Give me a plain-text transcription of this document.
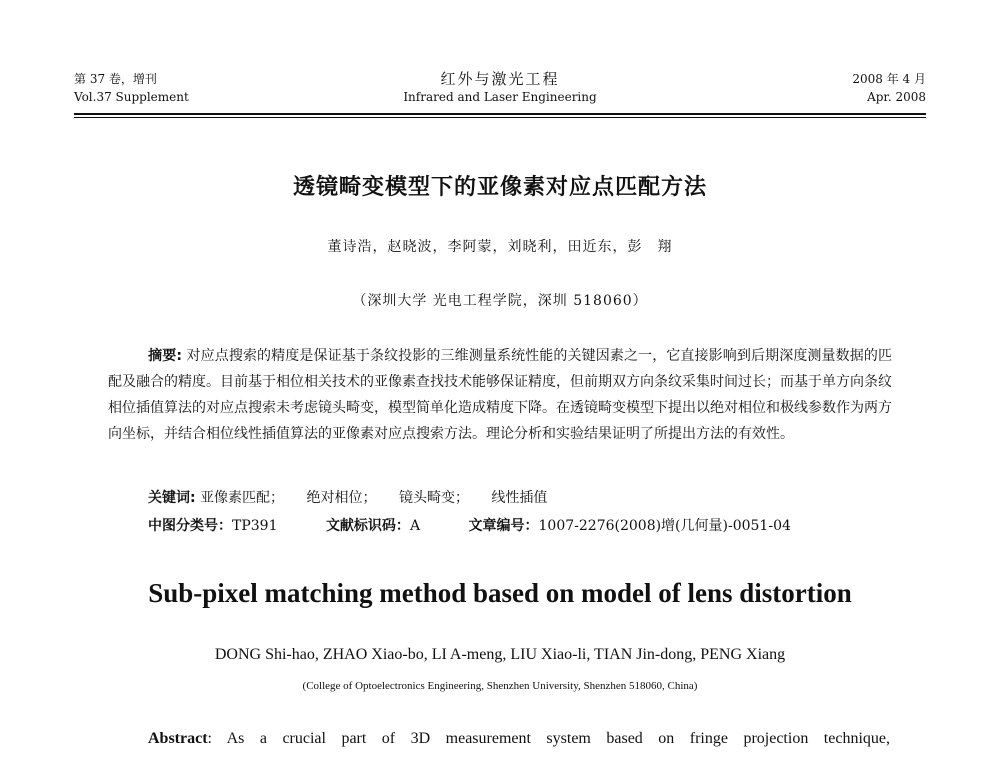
第 37 卷，增刊
Vol.37 Supplement
红外与激光工程
Infrared and Laser Engineering
2008 年 4 月
Apr. 2008
透镜畸变模型下的亚像素对应点匹配方法
董诗浩，赵晓波，李阿蒙，刘晓利，田近东，彭　翔
（深圳大学 光电工程学院，深圳 518060）
摘要: 对应点搜索的精度是保证基于条纹投影的三维测量系统性能的关键因素之一，它直接影响到后期深度测量数据的匹配及融合的精度。目前基于相位相关技术的亚像素查找技术能够保证精度，但前期双方向条纹采集时间过长；而基于单方向条纹相位插值算法的对应点搜索未考虑镜头畸变，模型简单化造成精度下降。在透镜畸变模型下提出以绝对相位和极线参数作为两方向坐标，并结合相位线性插值算法的亚像素对应点搜索方法。理论分析和实验结果证明了所提出方法的有效性。
关键词: 亚像素匹配； 绝对相位； 镜头畸变； 线性插值
中图分类号：TP391	文献标识码：A	文章编号：1007-2276(2008)增(几何量)-0051-04
Sub-pixel matching method based on model of lens distortion
DONG Shi-hao, ZHAO Xiao-bo, LI A-meng, LIU Xiao-li, TIAN Jin-dong, PENG Xiang
(College of Optoelectronics Engineering, Shenzhen University, Shenzhen 518060, China)
Abstract: As a crucial part of 3D measurement system based on fringe projection technique,
